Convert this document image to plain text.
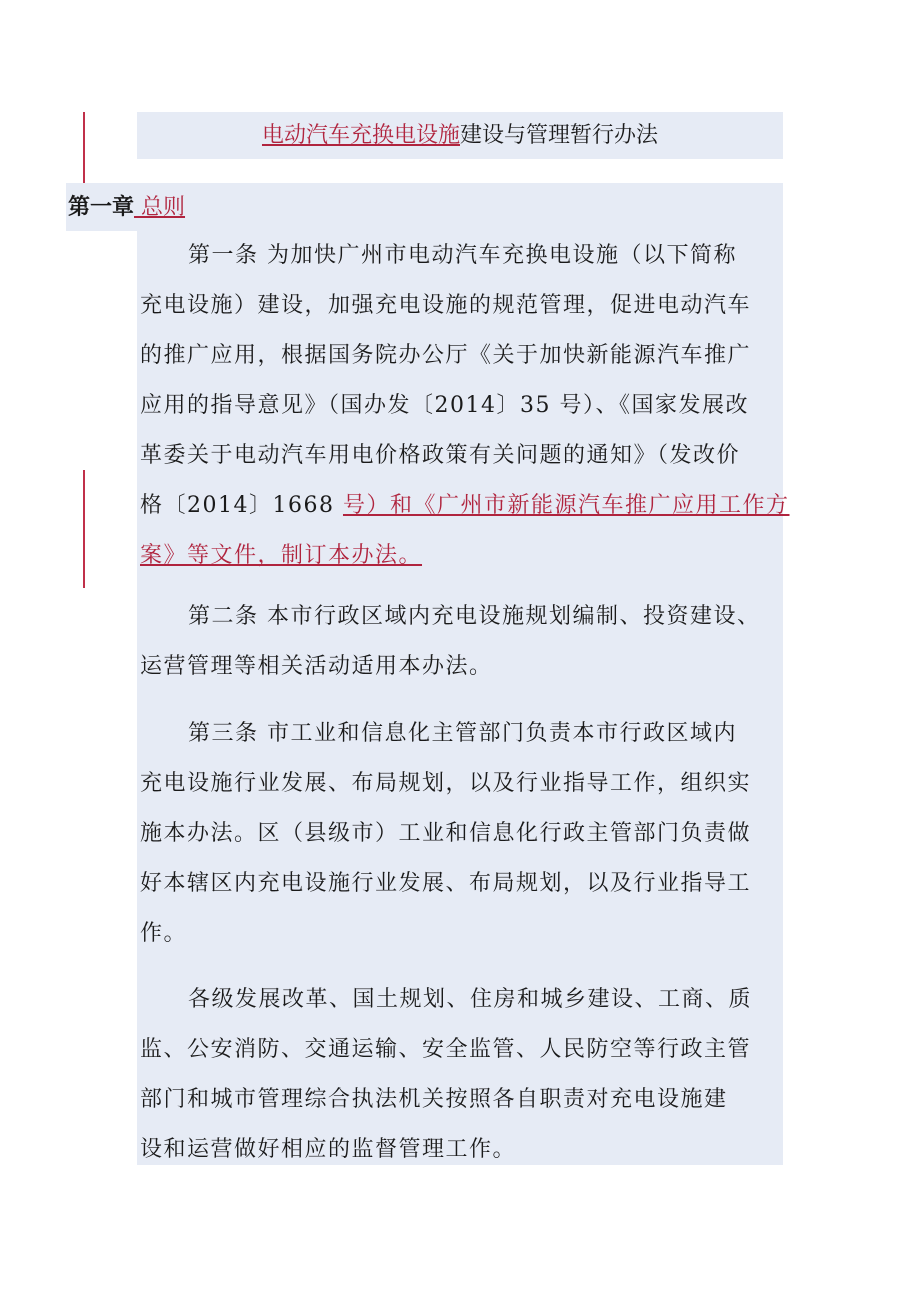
电动汽车充换电设施建设与管理暂行办法
第一章 总则

第一条 为加快广州市电动汽车充换电设施（以下简称
充电设施）建设，加强充电设施的规范管理，促进电动汽车
的推广应用，根据国务院办公厅《关于加快新能源汽车推广
应用的指导意见》（国办发〔2014〕35 号）、《国家发展改
革委关于电动汽车用电价格政策有关问题的通知》（发改价
格〔2014〕1668 号）和《广州市新能源汽车推广应用工作方
案》等文件，制订本办法。

第二条 本市行政区域内充电设施规划编制、投资建设、
运营管理等相关活动适用本办法。

第三条 市工业和信息化主管部门负责本市行政区域内
充电设施行业发展、布局规划，以及行业指导工作，组织实
施本办法。区（县级市）工业和信息化行政主管部门负责做
好本辖区内充电设施行业发展、布局规划，以及行业指导工
作。

各级发展改革、国土规划、住房和城乡建设、工商、质
监、公安消防、交通运输、安全监管、人民防空等行政主管
部门和城市管理综合执法机关按照各自职责对充电设施建
设和运营做好相应的监督管理工作。
